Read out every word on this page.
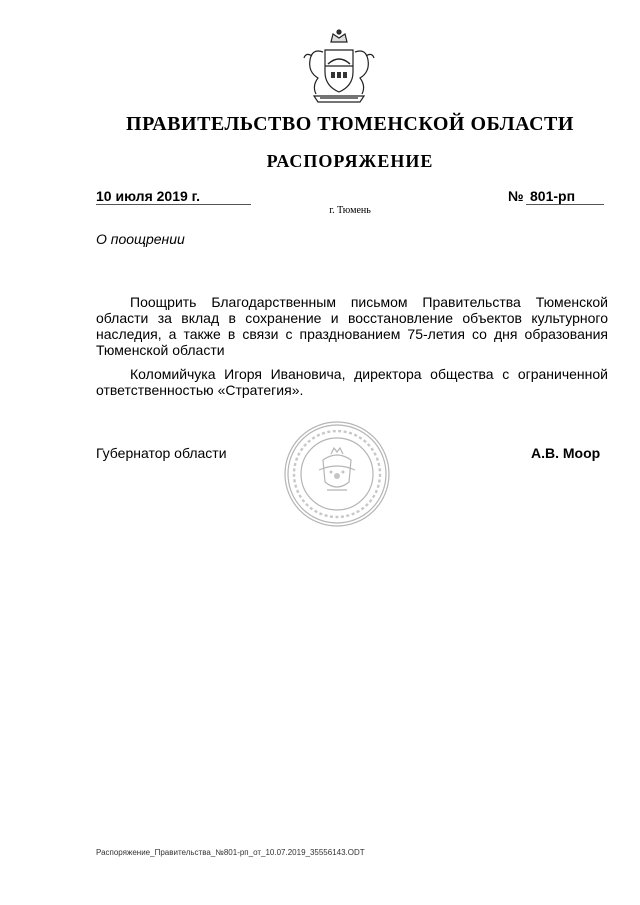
ПРАВИТЕЛЬСТВО ТЮМЕНСКОЙ ОБЛАСТИ
РАСПОРЯЖЕНИЕ
10 июля 2019 г.	№ 801-рп
г. Тюмень
О поощрении
Поощрить Благодарственным письмом Правительства Тюменской области за вклад в сохранение и восстановление объектов культурного наследия, а также в связи с празднованием 75-летия со дня образования Тюменской области
Коломийчука Игоря Ивановича, директора общества с ограниченной ответственностью «Стратегия».
Губернатор области	А.В. Моор
Распоряжение_Правительства_№801-рп_от_10.07.2019_35556143.ODT
